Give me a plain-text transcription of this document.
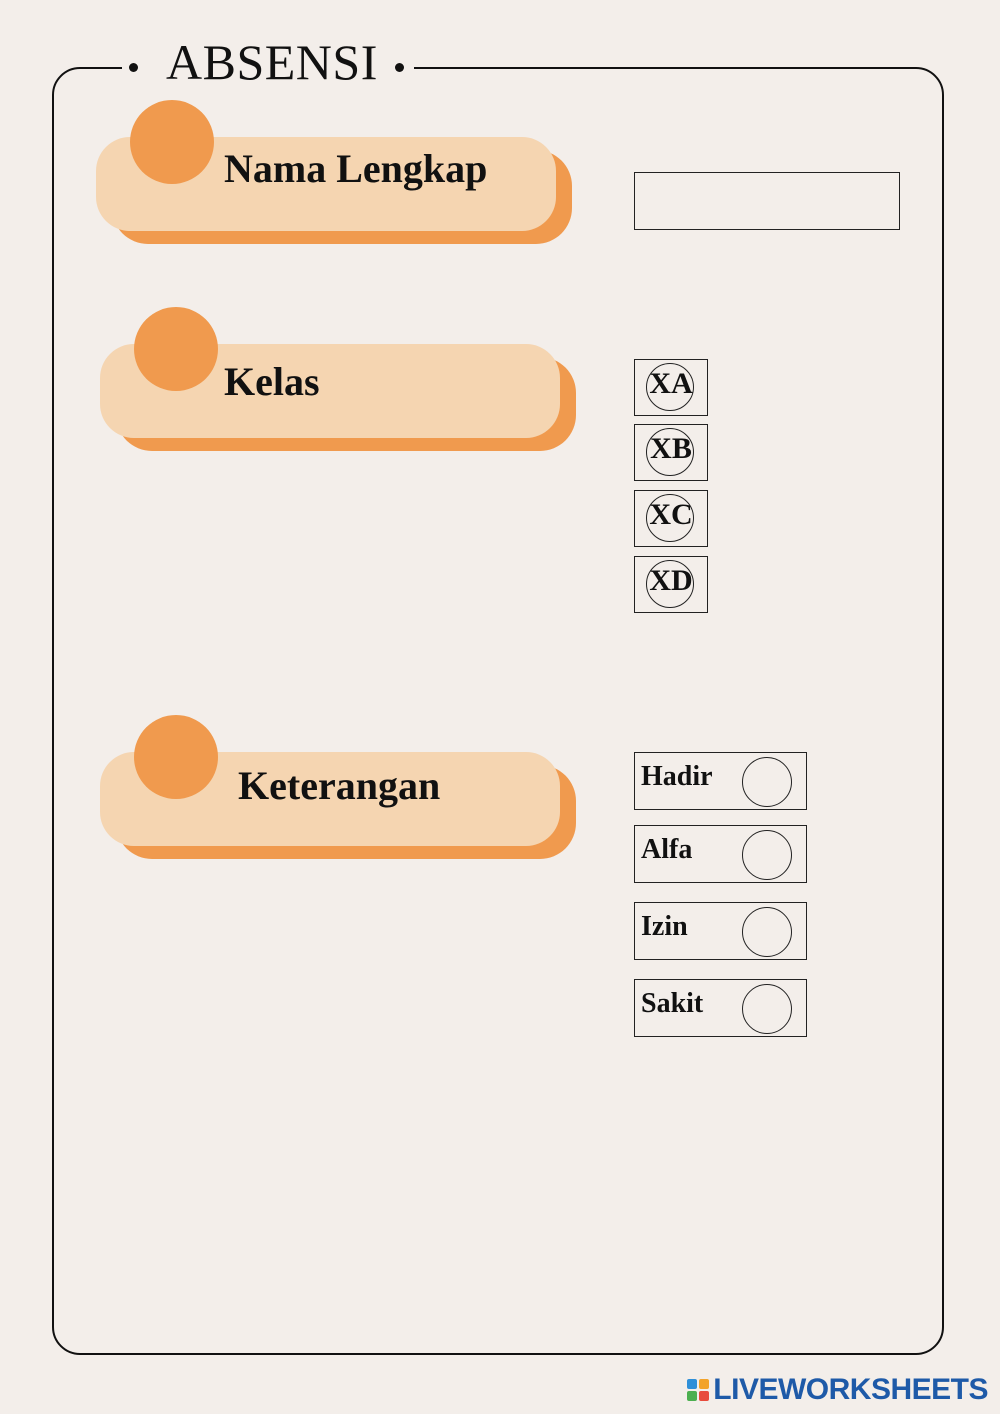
ABSENSI
Nama Lengkap
Kelas	XA
XB
XC
XD
Keterangan	Hadir
Alfa
Izin
Sakit
LIVEWORKSHEETS
